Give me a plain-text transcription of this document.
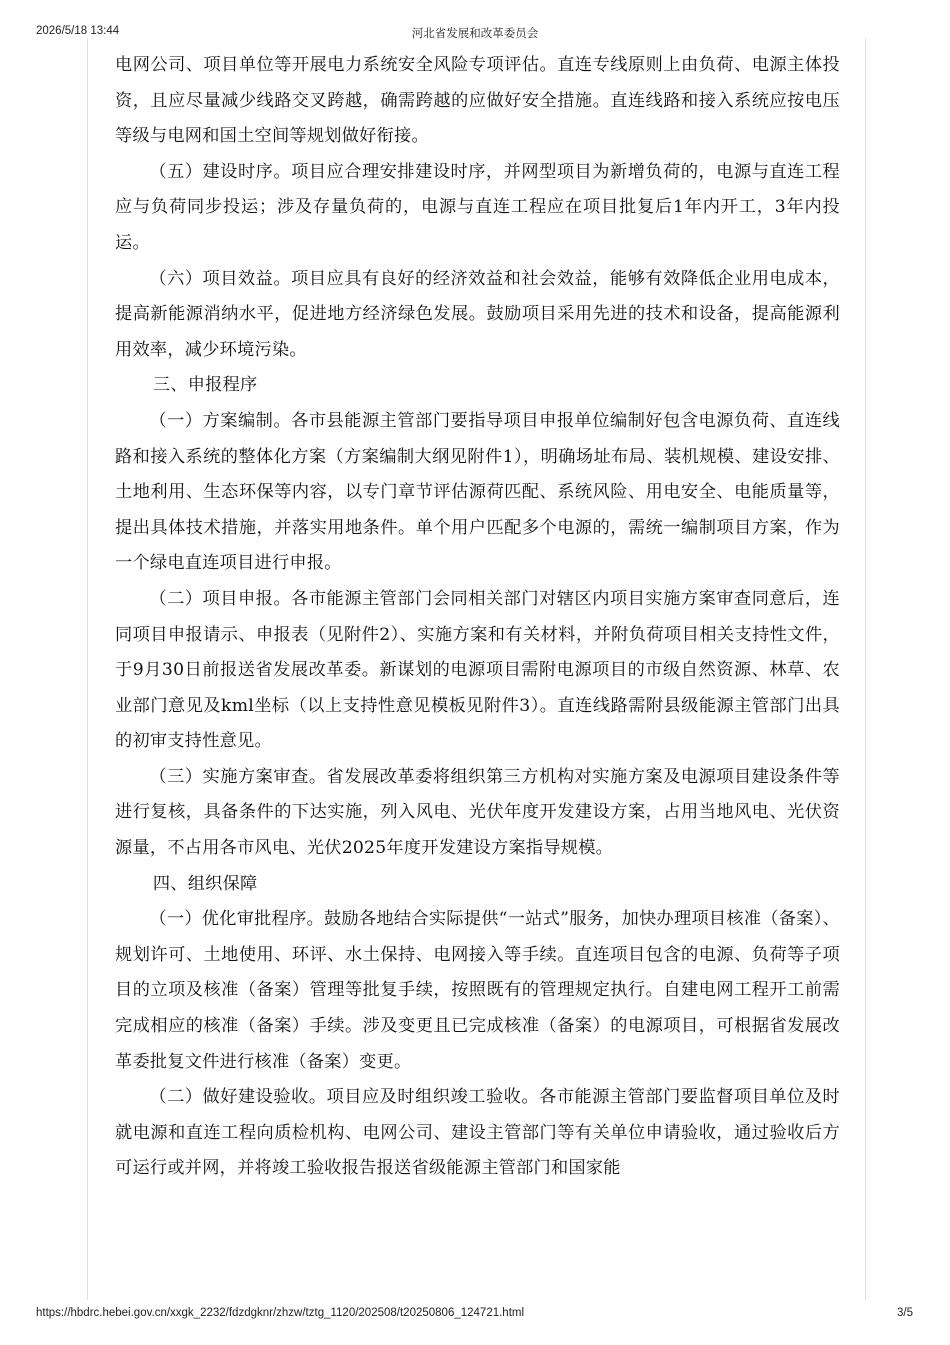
2026/5/18 13:44	河北省发展和改革委员会

电网公司、项目单位等开展电力系统安全风险专项评估。直连专线原则上由负荷、电源主体投资，且应尽量减少线路交叉跨越，确需跨越的应做好安全措施。直连线路和接入系统应按电压等级与电网和国土空间等规划做好衔接。

（五）建设时序。项目应合理安排建设时序，并网型项目为新增负荷的，电源与直连工程应与负荷同步投运；涉及存量负荷的，电源与直连工程应在项目批复后1年内开工，3年内投运。

（六）项目效益。项目应具有良好的经济效益和社会效益，能够有效降低企业用电成本，提高新能源消纳水平，促进地方经济绿色发展。鼓励项目采用先进的技术和设备，提高能源利用效率，减少环境污染。

三、申报程序

（一）方案编制。各市县能源主管部门要指导项目申报单位编制好包含电源负荷、直连线路和接入系统的整体化方案（方案编制大纲见附件1），明确场址布局、装机规模、建设安排、土地利用、生态环保等内容，以专门章节评估源荷匹配、系统风险、用电安全、电能质量等，提出具体技术措施，并落实用地条件。单个用户匹配多个电源的，需统一编制项目方案，作为一个绿电直连项目进行申报。

（二）项目申报。各市能源主管部门会同相关部门对辖区内项目实施方案审查同意后，连同项目申报请示、申报表（见附件2）、实施方案和有关材料，并附负荷项目相关支持性文件，于9月30日前报送省发展改革委。新谋划的电源项目需附电源项目的市级自然资源、林草、农业部门意见及kml坐标（以上支持性意见模板见附件3）。直连线路需附县级能源主管部门出具的初审支持性意见。

（三）实施方案审查。省发展改革委将组织第三方机构对实施方案及电源项目建设条件等进行复核，具备条件的下达实施，列入风电、光伏年度开发建设方案，占用当地风电、光伏资源量，不占用各市风电、光伏2025年度开发建设方案指导规模。

四、组织保障

（一）优化审批程序。鼓励各地结合实际提供“一站式”服务，加快办理项目核准（备案）、规划许可、土地使用、环评、水土保持、电网接入等手续。直连项目包含的电源、负荷等子项目的立项及核准（备案）管理等批复手续，按照既有的管理规定执行。自建电网工程开工前需完成相应的核准（备案）手续。涉及变更且已完成核准（备案）的电源项目，可根据省发展改革委批复文件进行核准（备案）变更。

（二）做好建设验收。项目应及时组织竣工验收。各市能源主管部门要监督项目单位及时就电源和直连工程向质检机构、电网公司、建设主管部门等有关单位申请验收，通过验收后方可运行或并网，并将竣工验收报告报送省级能源主管部门和国家能

https://hbdrc.hebei.gov.cn/xxgk_2232/fdzdgknr/zhzw/tztg_1120/202508/t20250806_124721.html	3/5
